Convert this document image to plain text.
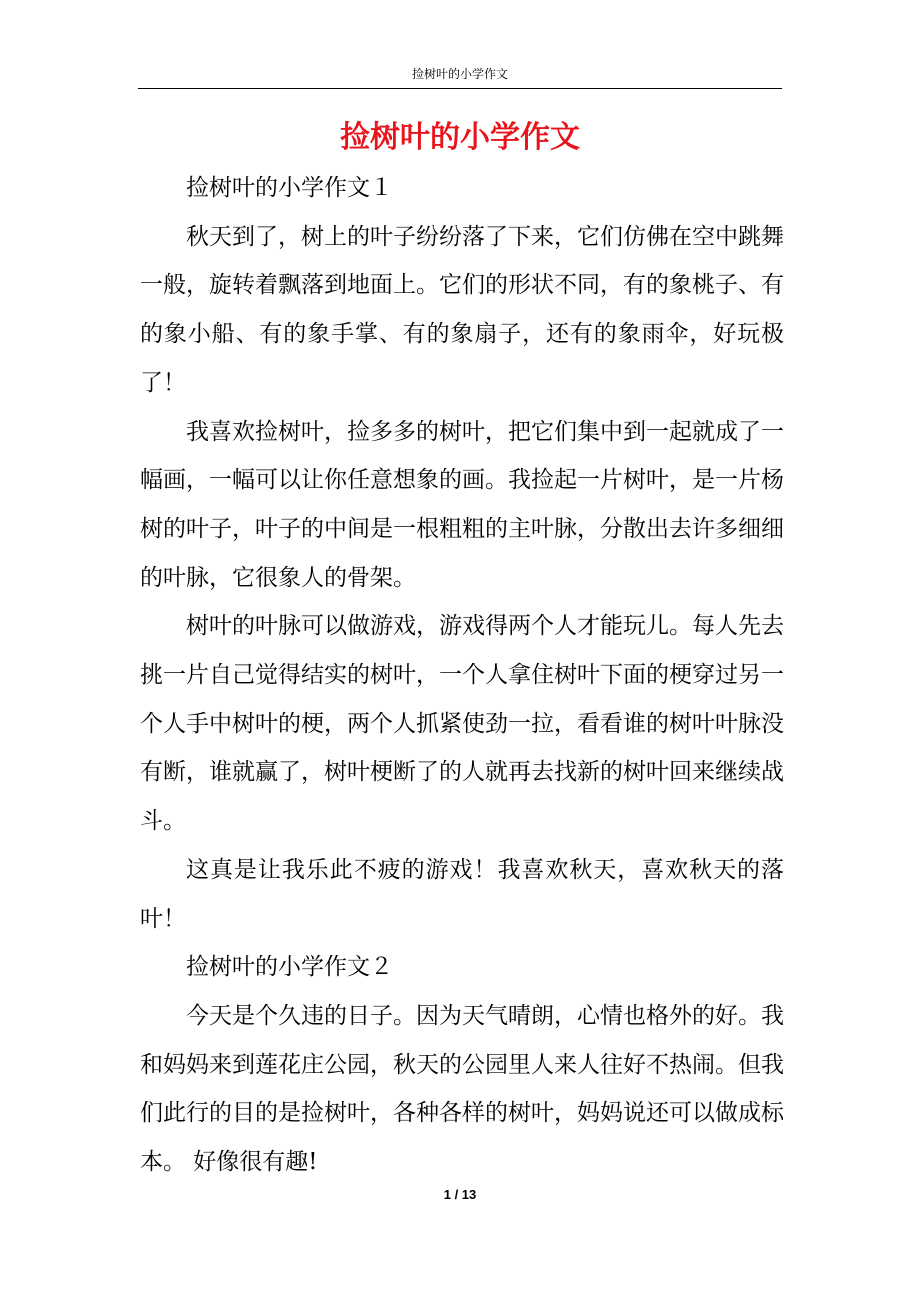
捡树叶的小学作文
捡树叶的小学作文

捡树叶的小学作文１

秋天到了，树上的叶子纷纷落了下来，它们仿佛在空中跳舞一般，旋转着飘落到地面上。它们的形状不同，有的象桃子、有的象小船、有的象手掌、有的象扇子，还有的象雨伞，好玩极了！

我喜欢捡树叶，捡多多的树叶，把它们集中到一起就成了一幅画，一幅可以让你任意想象的画。我捡起一片树叶，是一片杨树的叶子，叶子的中间是一根粗粗的主叶脉，分散出去许多细细的叶脉，它很象人的骨架。

树叶的叶脉可以做游戏，游戏得两个人才能玩儿。每人先去挑一片自己觉得结实的树叶，一个人拿住树叶下面的梗穿过另一个人手中树叶的梗，两个人抓紧使劲一拉，看看谁的树叶叶脉没有断，谁就赢了，树叶梗断了的人就再去找新的树叶回来继续战斗。

这真是让我乐此不疲的游戏！我喜欢秋天，喜欢秋天的落叶！

捡树叶的小学作文２

今天是个久违的日子。因为天气晴朗，心情也格外的好。我和妈妈来到莲花庄公园，秋天的公园里人来人往好不热闹。但我们此行的目的是捡树叶，各种各样的树叶，妈妈说还可以做成标本。 好像很有趣!

1 / 13
